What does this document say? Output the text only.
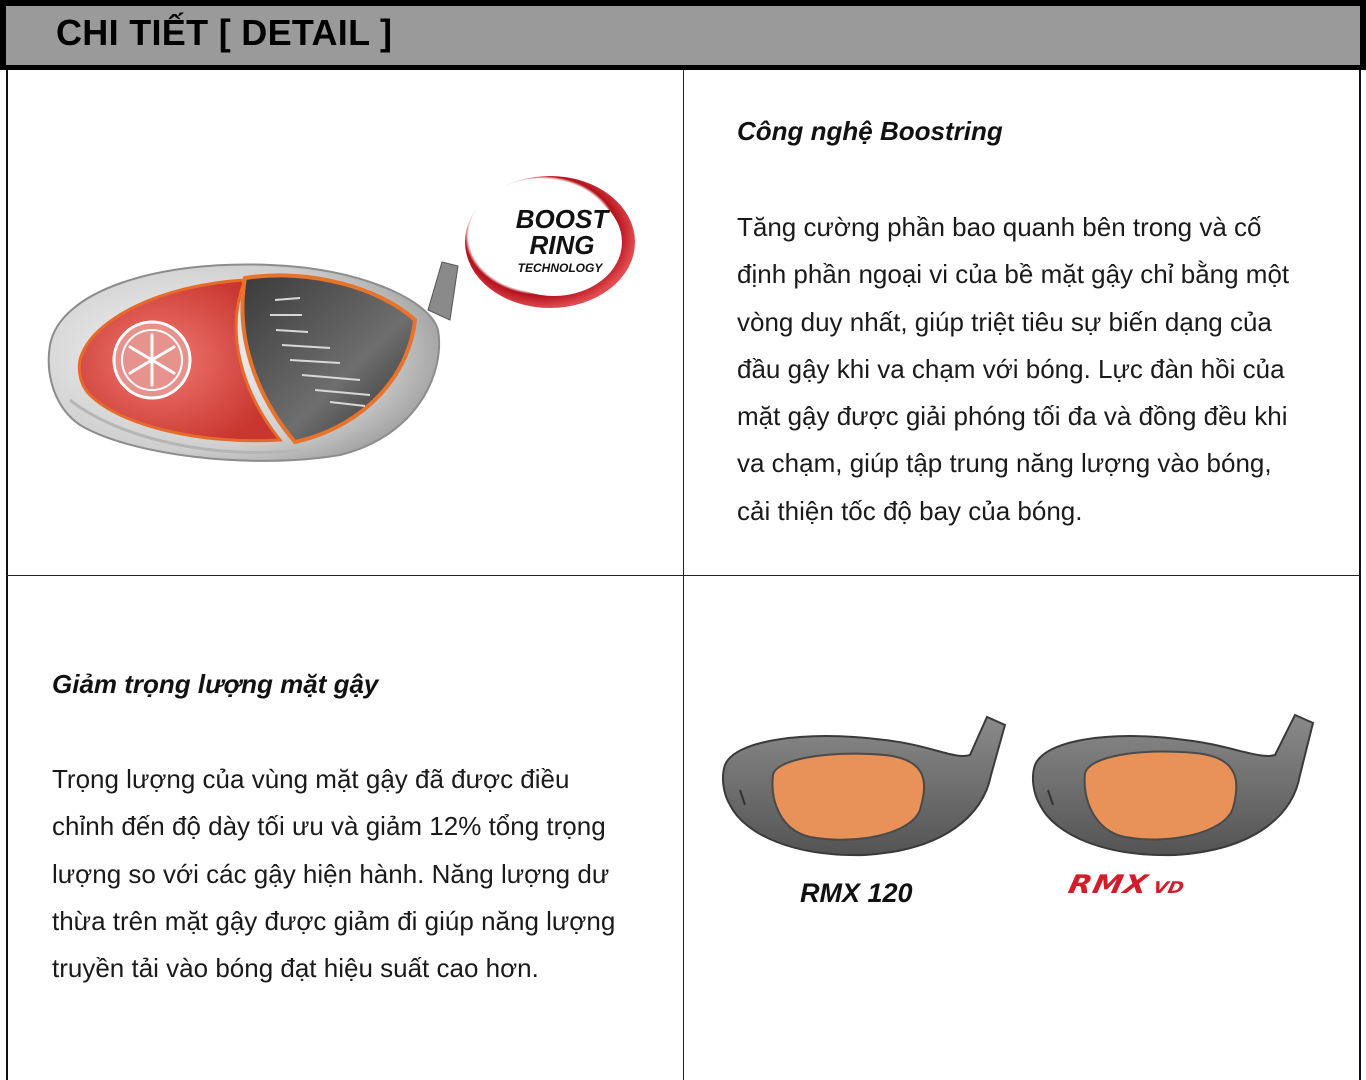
CHI TIẾT [ DETAIL ]
BOOST
RING
TECHNOLOGY
Công nghệ Boostring
Tăng cường phần bao quanh bên trong và cố
định phần ngoại vi của bề mặt gậy chỉ bằng một
vòng duy nhất, giúp triệt tiêu sự biến dạng của
đầu gậy khi va chạm với bóng. Lực đàn hồi của
mặt gậy được giải phóng tối đa và đồng đều khi
va chạm, giúp tập trung năng lượng vào bóng,
cải thiện tốc độ bay của bóng.
Giảm trọng lượng mặt gậy
Trọng lượng của vùng mặt gậy đã được điều
chỉnh đến độ dày tối ưu và giảm 12% tổng trọng
lượng so với các gậy hiện hành. Năng lượng dư
thừa trên mặt gậy được giảm đi giúp năng lượng
truyền tải vào bóng đạt hiệu suất cao hơn.
RMX 120	RMXVD
